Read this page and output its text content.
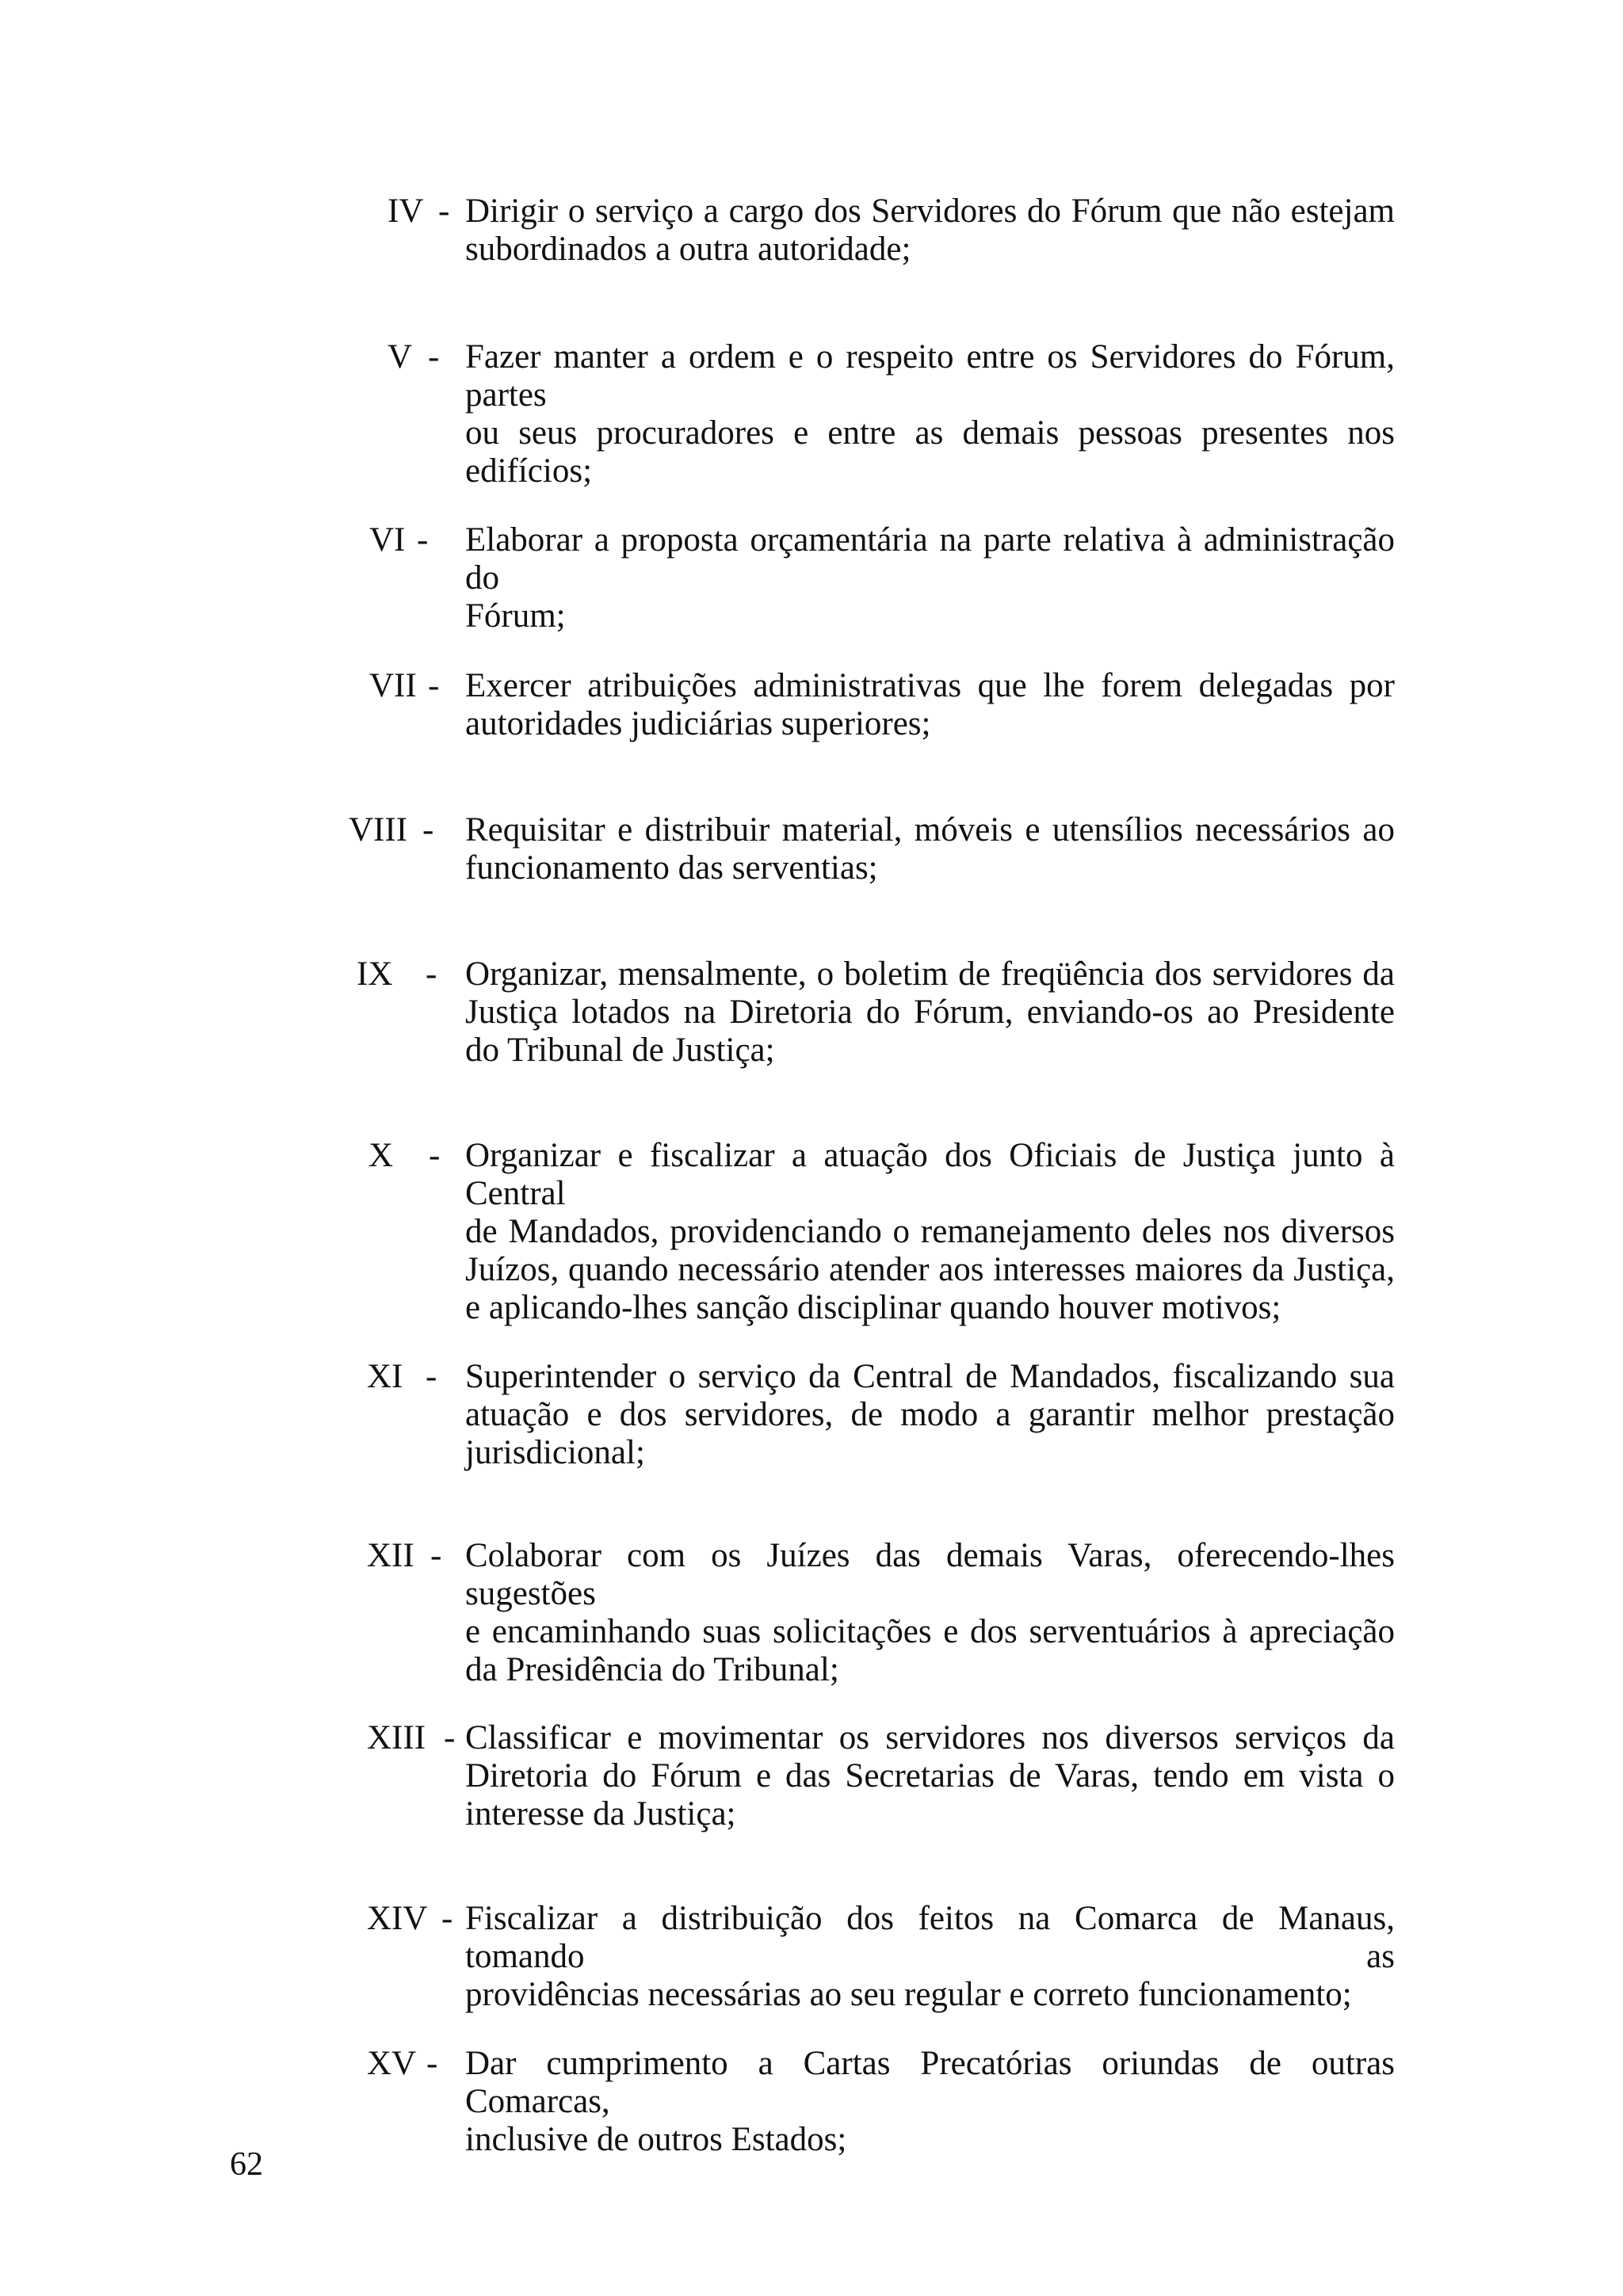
IV - Dirigir o serviço a cargo dos Servidores do Fórum que não estejam
subordinados a outra autoridade;
V - Fazer manter a ordem e o respeito entre os Servidores do Fórum, partes
ou seus procuradores e entre as demais pessoas presentes nos edifícios;
VI - Elaborar a proposta orçamentária na parte relativa à administração do
Fórum;
VII - Exercer atribuições administrativas que lhe forem delegadas por
autoridades judiciárias superiores;
VIII - Requisitar e distribuir material, móveis e utensílios necessários ao
funcionamento das serventias;
IX - Organizar, mensalmente, o boletim de freqüência dos servidores da
Justiça lotados na Diretoria do Fórum, enviando-os ao Presidente do Tribunal de Justiça;
X - Organizar e fiscalizar a atuação dos Oficiais de Justiça junto à Central
de Mandados, providenciando o remanejamento deles nos diversos Juízos, quando necessário atender aos interesses maiores da Justiça, e aplicando-lhes sanção disciplinar quando houver motivos;
XI - Superintender o serviço da Central de Mandados, fiscalizando sua
atuação e dos servidores, de modo a garantir melhor prestação jurisdicional;
XII - Colaborar com os Juízes das demais Varas, oferecendo-lhes sugestões
e encaminhando suas solicitações e dos serventuários à apreciação da Presidência do Tribunal;
XIII - Classificar e movimentar os servidores nos diversos serviços da
Diretoria do Fórum e das Secretarias de Varas, tendo em vista o interesse da Justiça;
XIV - Fiscalizar a distribuição dos feitos na Comarca de Manaus, tomando as
providências necessárias ao seu regular e correto funcionamento;
XV - Dar cumprimento a Cartas Precatórias oriundas de outras Comarcas,
inclusive de outros Estados;
62
